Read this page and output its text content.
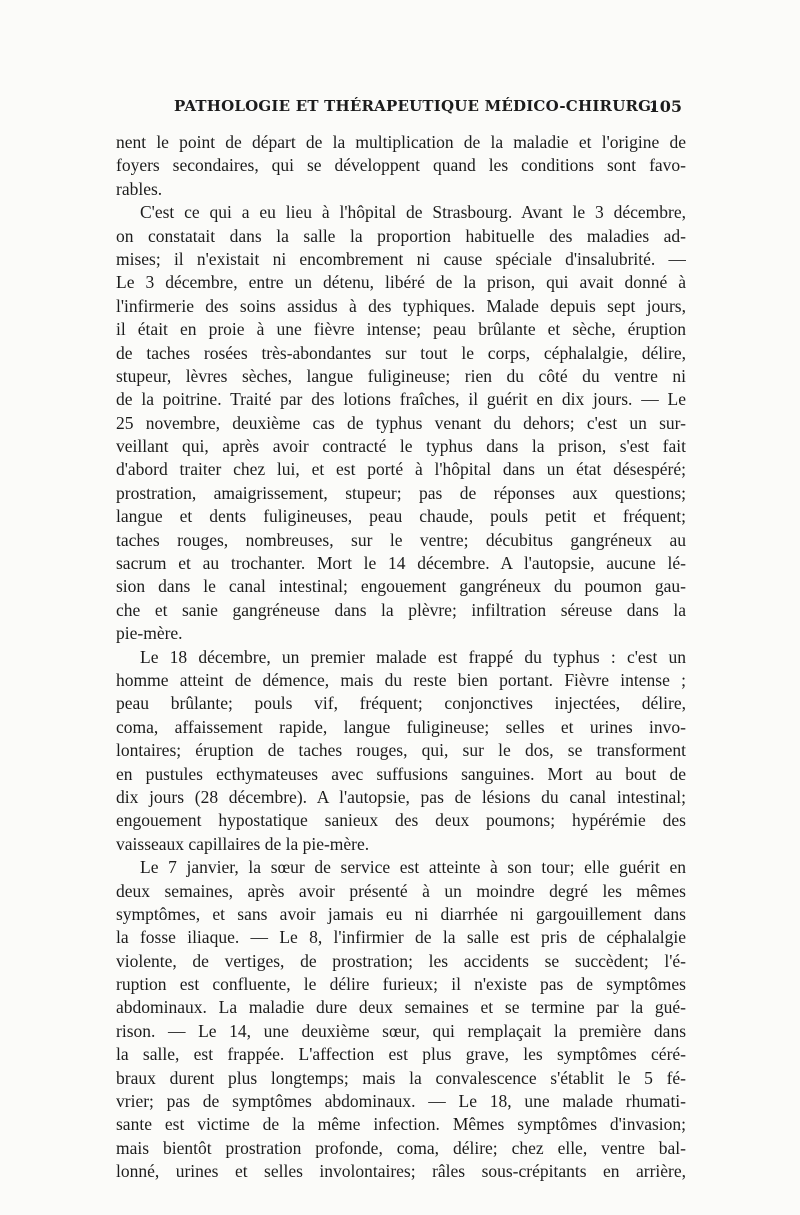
PATHOLOGIE ET THÉRAPEUTIQUE MÉDICO-CHIRURG.
105
nent le point de départ de la multiplication de la maladie et l'origine de
foyers secondaires, qui se développent quand les conditions sont favo-
rables.
C'est ce qui a eu lieu à l'hôpital de Strasbourg. Avant le 3 décembre,
on constatait dans la salle la proportion habituelle des maladies ad-
mises; il n'existait ni encombrement ni cause spéciale d'insalubrité. —
Le 3 décembre, entre un détenu, libéré de la prison, qui avait donné à
l'infirmerie des soins assidus à des typhiques. Malade depuis sept jours,
il était en proie à une fièvre intense; peau brûlante et sèche, éruption
de taches rosées très-abondantes sur tout le corps, céphalalgie, délire,
stupeur, lèvres sèches, langue fuligineuse; rien du côté du ventre ni
de la poitrine. Traité par des lotions fraîches, il guérit en dix jours. — Le
25 novembre, deuxième cas de typhus venant du dehors; c'est un sur-
veillant qui, après avoir contracté le typhus dans la prison, s'est fait
d'abord traiter chez lui, et est porté à l'hôpital dans un état désespéré;
prostration, amaigrissement, stupeur; pas de réponses aux questions;
langue et dents fuligineuses, peau chaude, pouls petit et fréquent;
taches rouges, nombreuses, sur le ventre; décubitus gangréneux au
sacrum et au trochanter. Mort le 14 décembre. A l'autopsie, aucune lé-
sion dans le canal intestinal; engouement gangréneux du poumon gau-
che et sanie gangréneuse dans la plèvre; infiltration séreuse dans la
pie-mère.
Le 18 décembre, un premier malade est frappé du typhus : c'est un
homme atteint de démence, mais du reste bien portant. Fièvre intense ;
peau brûlante; pouls vif, fréquent; conjonctives injectées, délire,
coma, affaissement rapide, langue fuligineuse; selles et urines invo-
lontaires; éruption de taches rouges, qui, sur le dos, se transforment
en pustules ecthymateuses avec suffusions sanguines. Mort au bout de
dix jours (28 décembre). A l'autopsie, pas de lésions du canal intestinal;
engouement hypostatique sanieux des deux poumons; hypérémie des
vaisseaux capillaires de la pie-mère.
Le 7 janvier, la sœur de service est atteinte à son tour; elle guérit en
deux semaines, après avoir présenté à un moindre degré les mêmes
symptômes, et sans avoir jamais eu ni diarrhée ni gargouillement dans
la fosse iliaque. — Le 8, l'infirmier de la salle est pris de céphalalgie
violente, de vertiges, de prostration; les accidents se succèdent; l'é-
ruption est confluente, le délire furieux; il n'existe pas de symptômes
abdominaux. La maladie dure deux semaines et se termine par la gué-
rison. — Le 14, une deuxième sœur, qui remplaçait la première dans
la salle, est frappée. L'affection est plus grave, les symptômes céré-
braux durent plus longtemps; mais la convalescence s'établit le 5 fé-
vrier; pas de symptômes abdominaux. — Le 18, une malade rhumati-
sante est victime de la même infection. Mêmes symptômes d'invasion;
mais bientôt prostration profonde, coma, délire; chez elle, ventre bal-
lonné, urines et selles involontaires; râles sous-crépitants en arrière,
